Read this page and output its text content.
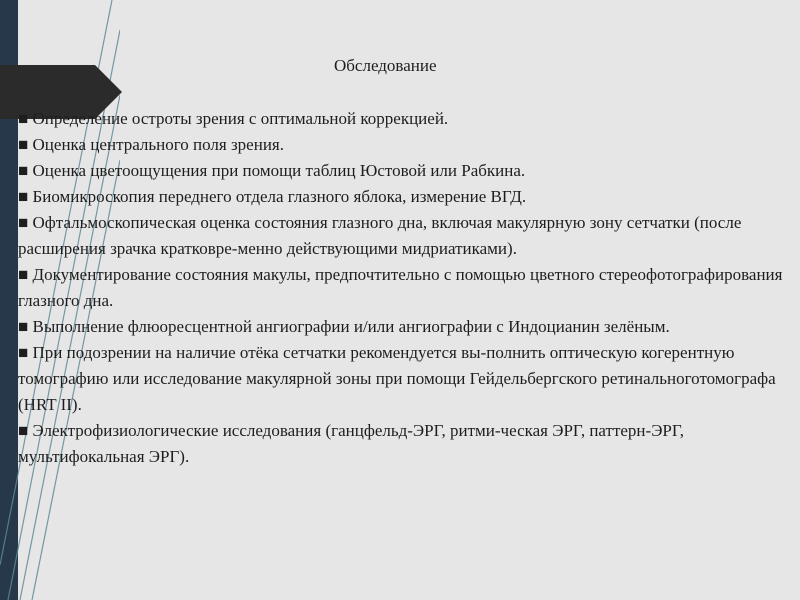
Обследование

■ Определение остроты зрения с оптимальной коррекцией.

■ Оценка центрального поля зрения.

■ Оценка цветоощущения при помощи таблиц Юстовой или Рабкина.

■ Биомикроскопия переднего отдела глазного яблока, измерение ВГД.

■ Офтальмоскопическая оценка состояния глазного дна, включая макулярную зону сетчатки (после расширения зрачка кратковре-менно действующими мидриатиками).

■ Документирование состояния макулы, предпочтительно с помощью цветного стереофотографирования глазного дна.

■ Выполнение флюоресцентной ангиографии и/или ангиографии с Индоцианин зелёным.

■ При подозрении на наличие отёка сетчатки рекомендуется вы-полнить оптическую когерентную томографию или исследование макулярной зоны при помощи Гейдельбергского ретинальноготомографа (HRT II).

■ Электрофизиологические исследования (ганцфельд-ЭРГ, ритми-ческая ЭРГ, паттерн-ЭРГ, мультифокальная ЭРГ).
